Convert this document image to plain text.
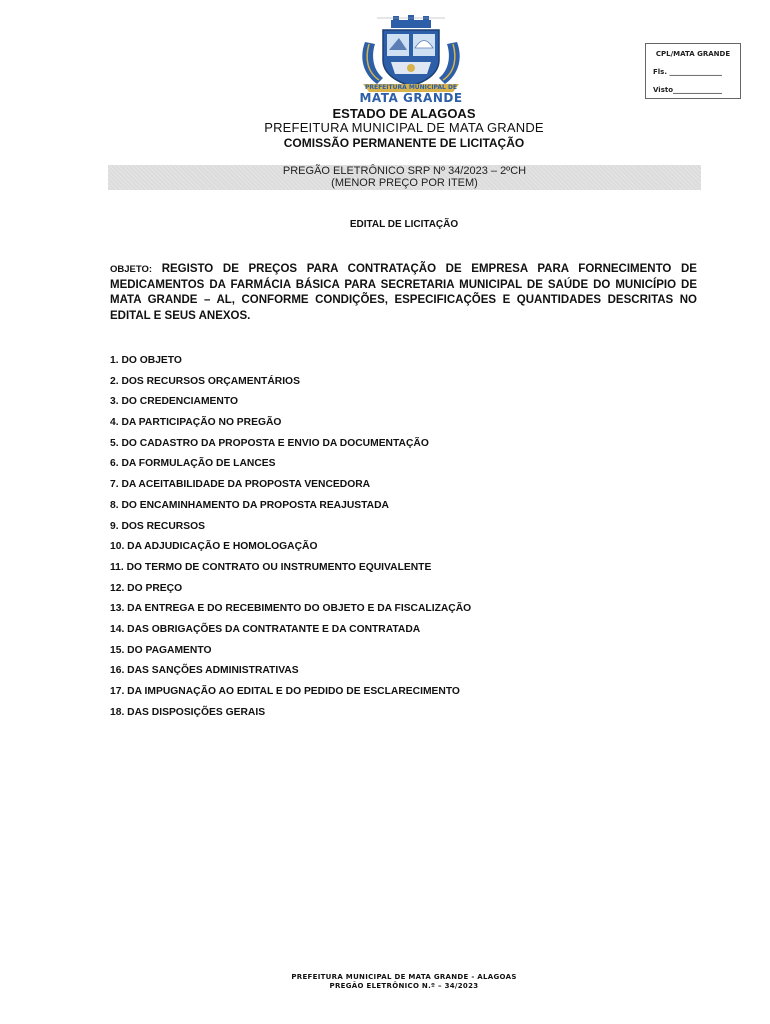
PREFEITURA MUNICIPAL DE
MATA GRANDE
CPL/MATA GRANDE
Fls. _______________
Visto______________
ESTADO DE ALAGOAS
PREFEITURA MUNICIPAL DE MATA GRANDE
COMISSÃO PERMANENTE DE LICITAÇÃO
PREGÃO ELETRÔNICO SRP Nº 34/2023 – 2ºCH
(MENOR PREÇO POR ITEM)
EDITAL DE LICITAÇÃO
OBJETO: REGISTO DE PREÇOS PARA CONTRATAÇÃO DE EMPRESA PARA FORNECIMENTO DE MEDICAMENTOS DA FARMÁCIA BÁSICA PARA SECRETARIA MUNICIPAL DE SAÚDE DO MUNICÍPIO DE MATA GRANDE – AL, CONFORME CONDIÇÕES, ESPECIFICAÇÕES E QUANTIDADES DESCRITAS NO EDITAL E SEUS ANEXOS.
1. DO OBJETO
2. DOS RECURSOS ORÇAMENTÁRIOS
3. DO CREDENCIAMENTO
4. DA PARTICIPAÇÃO NO PREGÃO
5. DO CADASTRO DA PROPOSTA E ENVIO DA DOCUMENTAÇÃO
6. DA FORMULAÇÃO DE LANCES
7. DA ACEITABILIDADE DA PROPOSTA VENCEDORA
8. DO ENCAMINHAMENTO DA PROPOSTA REAJUSTADA
9. DOS RECURSOS
10. DA ADJUDICAÇÃO E HOMOLOGAÇÃO
11. DO TERMO DE CONTRATO OU INSTRUMENTO EQUIVALENTE
12. DO PREÇO
13. DA ENTREGA E DO RECEBIMENTO DO OBJETO E DA FISCALIZAÇÃO
14. DAS OBRIGAÇÕES DA CONTRATANTE E DA CONTRATADA
15. DO PAGAMENTO
16. DAS SANÇÕES ADMINISTRATIVAS
17. DA IMPUGNAÇÃO AO EDITAL E DO PEDIDO DE ESCLARECIMENTO
18. DAS DISPOSIÇÕES GERAIS
PREFEITURA MUNICIPAL DE MATA GRANDE - ALAGOAS
PREGÃO ELETRÔNICO N.º – 34/2023
